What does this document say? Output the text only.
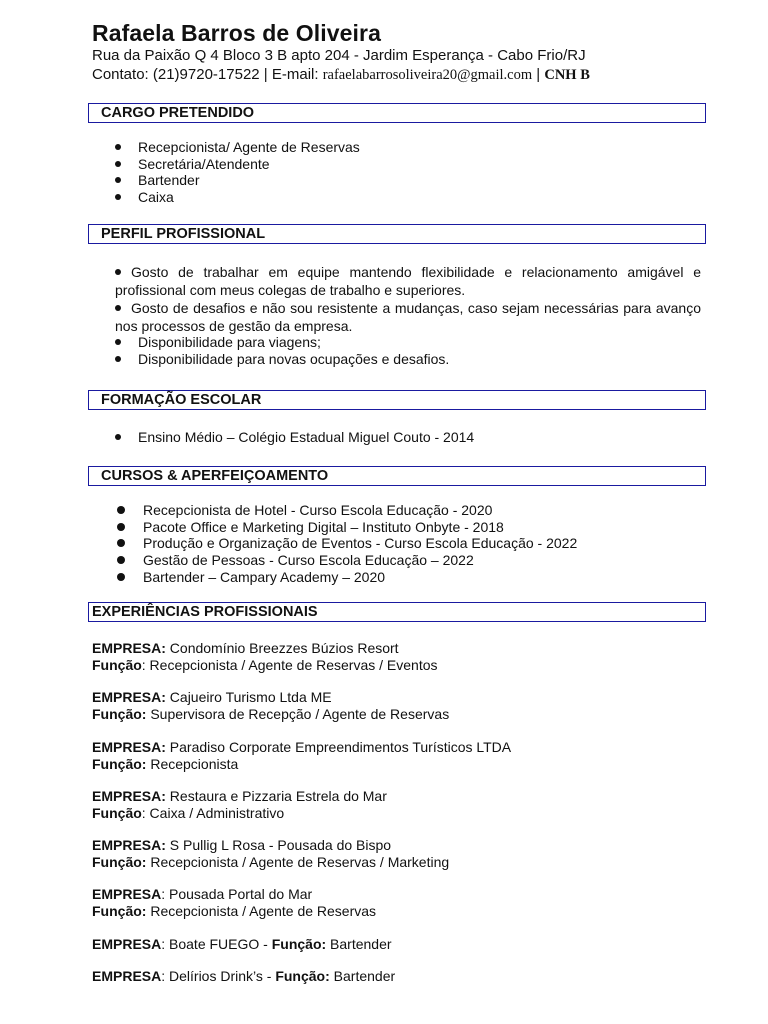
Rafaela Barros de Oliveira
Rua da Paixão Q 4 Bloco 3 B apto 204 - Jardim Esperança - Cabo Frio/RJ
Contato: (21)9720-17522 | E-mail: rafaelabarrosoliveira20@gmail.com | CNH B
CARGO PRETENDIDO
Recepcionista/ Agente de Reservas
Secretária/Atendente
Bartender
Caixa
PERFIL PROFISSIONAL
Gosto de trabalhar em equipe mantendo flexibilidade e relacionamento amigável e profissional com meus colegas de trabalho e superiores.
Gosto de desafios e não sou resistente a mudanças, caso sejam necessárias para avanço nos processos de gestão da empresa.
Disponibilidade para viagens;
Disponibilidade para novas ocupações e desafios.
FORMAÇÃO ESCOLAR
Ensino Médio – Colégio Estadual Miguel Couto - 2014
CURSOS & APERFEIÇOAMENTO
Recepcionista de Hotel - Curso Escola Educação - 2020
Pacote Office e Marketing Digital – Instituto Onbyte - 2018
Produção e Organização de Eventos - Curso Escola Educação - 2022
Gestão de Pessoas - Curso Escola Educação – 2022
Bartender – Campary Academy – 2020
EXPERIÊNCIAS PROFISSIONAIS
EMPRESA: Condomínio Breezzes Búzios Resort
Função: Recepcionista / Agente de Reservas / Eventos
EMPRESA: Cajueiro Turismo Ltda ME
Função: Supervisora de Recepção / Agente de Reservas
EMPRESA: Paradiso Corporate Empreendimentos Turísticos LTDA
Função: Recepcionista
EMPRESA: Restaura e Pizzaria Estrela do Mar
Função: Caixa / Administrativo
EMPRESA: S Pullig L Rosa - Pousada do Bispo
Função: Recepcionista / Agente de Reservas / Marketing
EMPRESA: Pousada Portal do Mar
Função: Recepcionista / Agente de Reservas
EMPRESA: Boate FUEGO - Função: Bartender
EMPRESA: Delírios Drink’s - Função: Bartender
